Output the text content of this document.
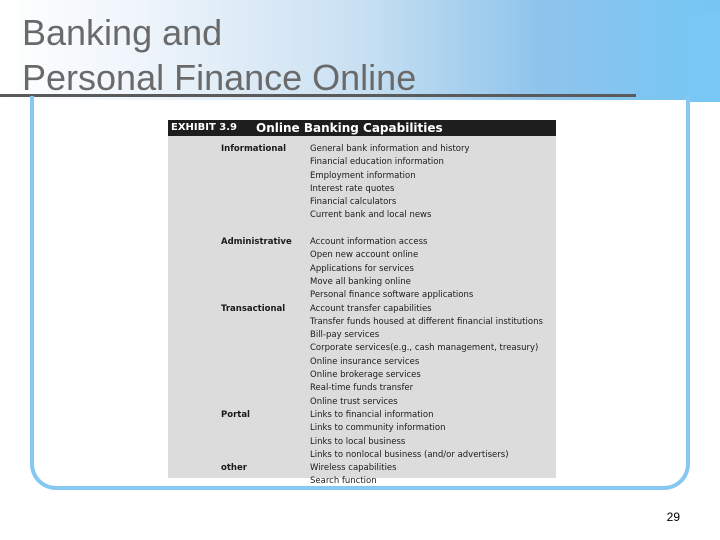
Banking and
Personal Finance Online
EXHIBIT 3.9 Online Banking Capabilities
Informational	General bank information and history
Financial education information
Employment information
Interest rate quotes
Financial calculators
Current bank and local news
Administrative	Account information access
Open new account online
Applications for services
Move all banking online
Personal finance software applications
Transactional	Account transfer capabilities
Transfer funds housed at different financial institutions
Bill-pay services
Corporate services(e.g., cash management, treasury)
Online insurance services
Online brokerage services
Real-time funds transfer
Online trust services
Portal	Links to financial information
Links to community information
Links to local business
Links to nonlocal business (and/or advertisers)
other	Wireless capabilities
Search function
29
